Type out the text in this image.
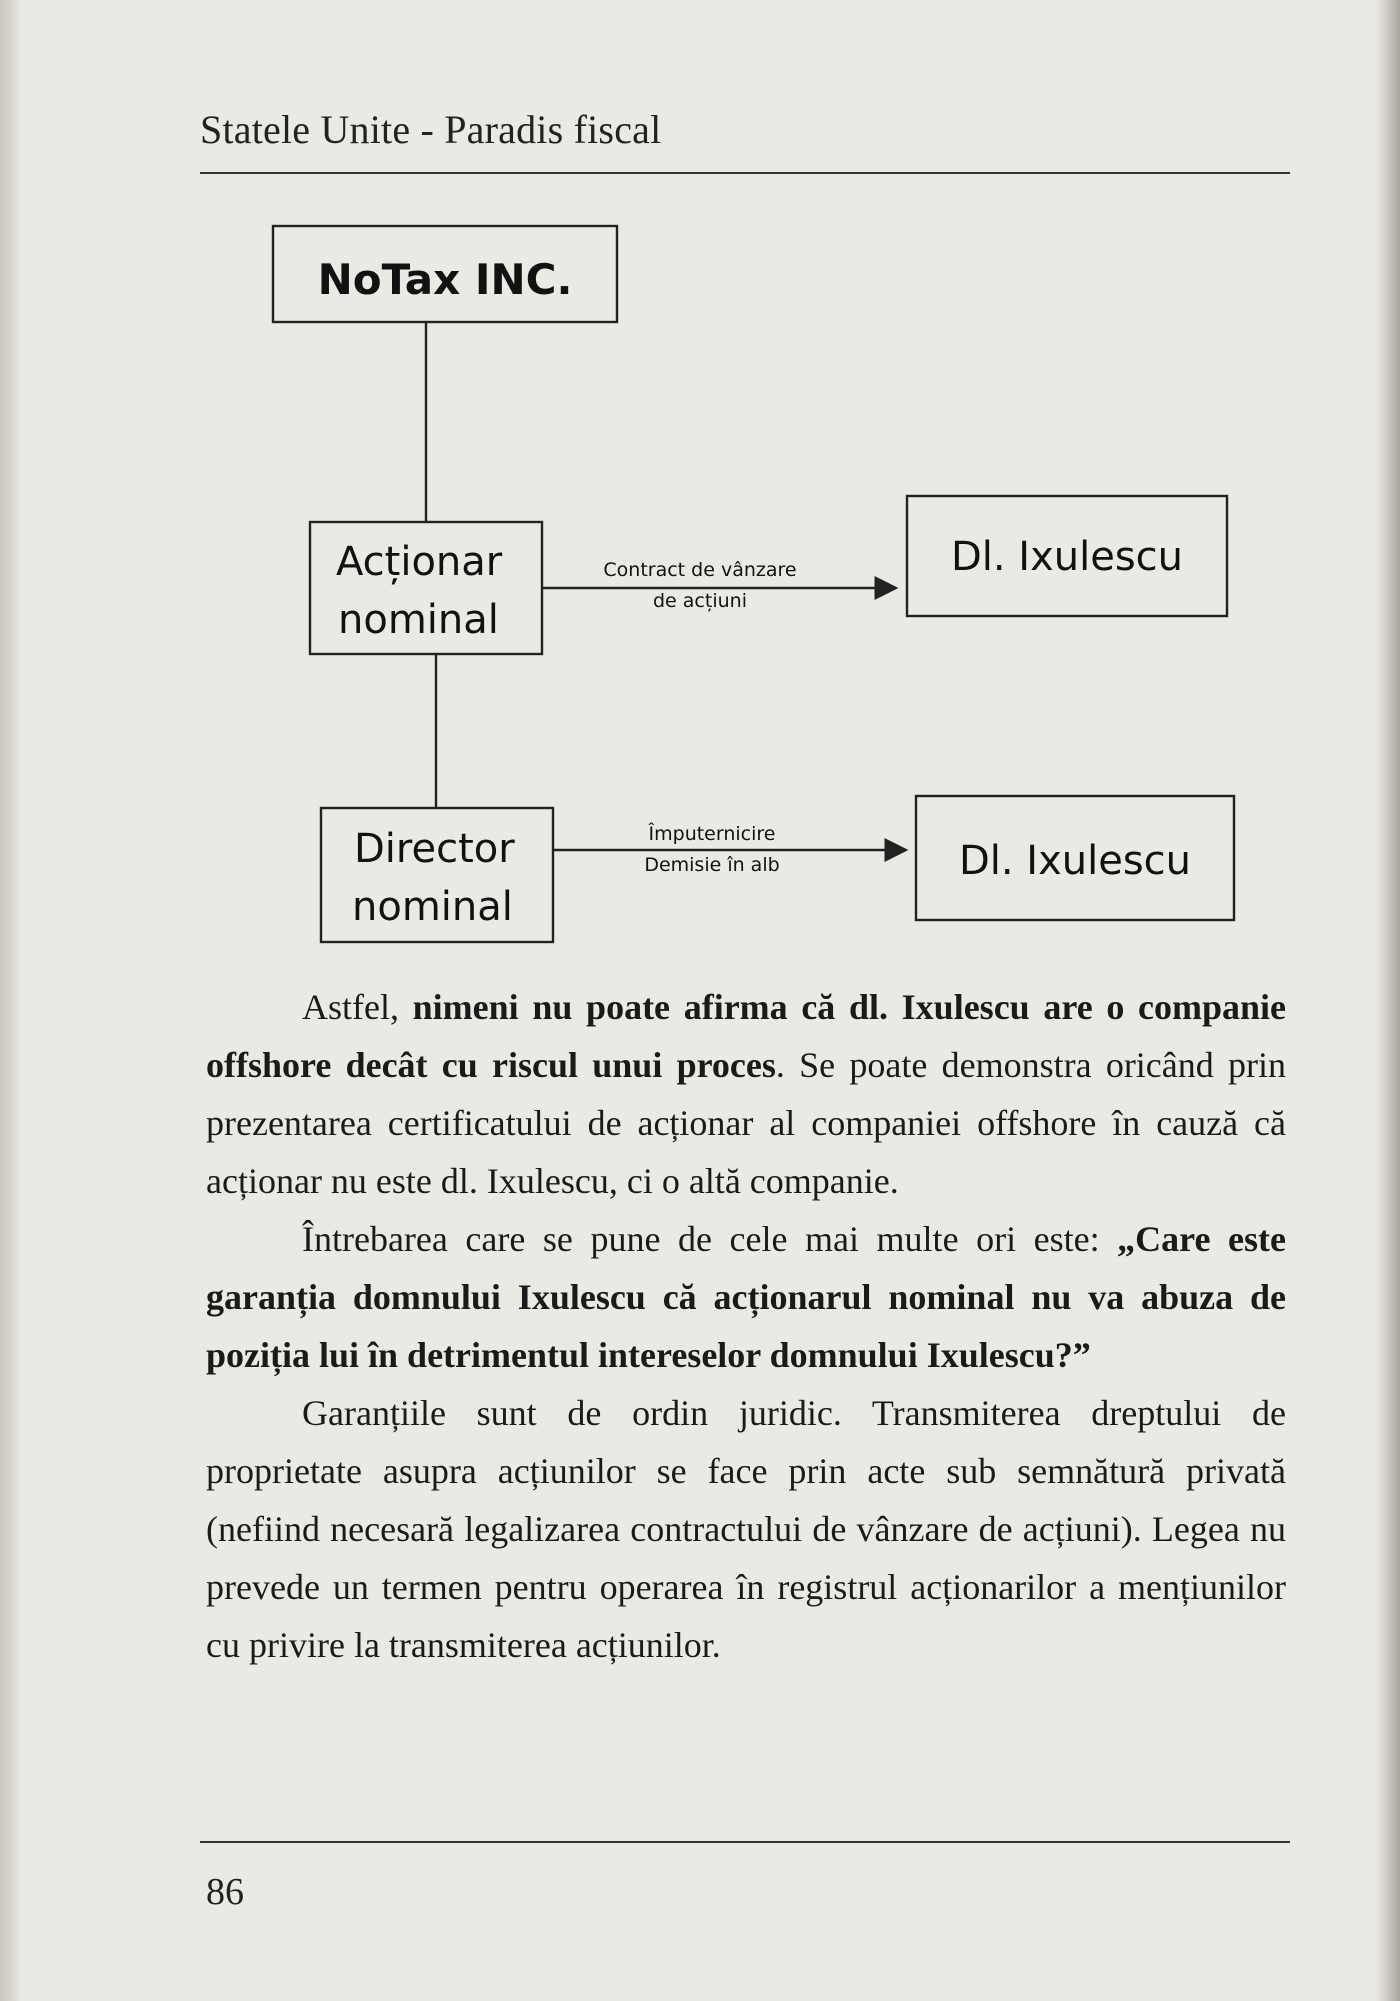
Statele Unite - Paradis fiscal
NoTax INC.
Acționar
nominal
Director
nominal
Dl. Ixulescu
Dl. Ixulescu
Contract de vânzare
de acțiuni
Împuternicire
Demisie în alb

Astfel, nimeni nu poate afirma că dl. Ixulescu are o companie offshore decât cu riscul unui proces. Se poate demonstra oricând prin prezentarea certificatului de acționar al companiei offshore în cauză că acționar nu este dl. Ixulescu, ci o altă companie.

Întrebarea care se pune de cele mai multe ori este: „Care este garanția domnului Ixulescu că acționarul nominal nu va abuza de poziția lui în detrimentul intereselor domnului Ixulescu?”

Garanțiile sunt de ordin juridic. Transmiterea dreptului de proprietate asupra acțiunilor se face prin acte sub semnătură privată (nefiind necesară legalizarea contractului de vânzare de acțiuni). Legea nu prevede un termen pentru operarea în registrul acționarilor a mențiunilor cu privire la transmiterea acțiunilor.

86
